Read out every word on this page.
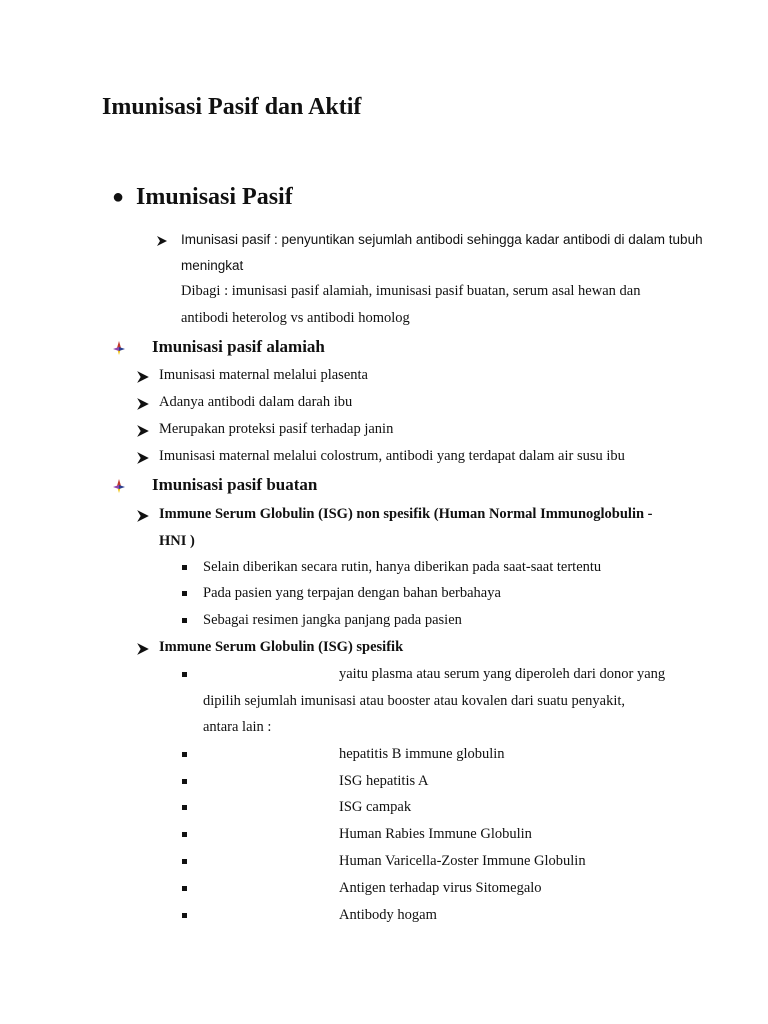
Imunisasi Pasif dan Aktif
● Imunisasi Pasif
Imunisasi pasif : penyuntikan sejumlah antibodi sehingga kadar antibodi di dalam tubuh
meningkat
Dibagi : imunisasi pasif alamiah, imunisasi pasif buatan, serum asal hewan dan
antibodi heterolog vs antibodi homolog
Imunisasi pasif alamiah
Imunisasi maternal melalui plasenta
Adanya antibodi dalam darah ibu
Merupakan proteksi pasif terhadap janin
Imunisasi maternal melalui colostrum, antibodi yang terdapat dalam air susu ibu
Imunisasi pasif buatan
Immune Serum Globulin (ISG) non spesifik (Human Normal Immunoglobulin -
HNI )
Selain diberikan secara rutin, hanya diberikan pada saat-saat tertentu
Pada pasien yang terpajan dengan bahan berbahaya
Sebagai resimen jangka panjang pada pasien
Immune Serum Globulin (ISG) spesifik
yaitu plasma atau serum yang diperoleh dari donor yang
dipilih sejumlah imunisasi atau booster atau kovalen dari suatu penyakit,
antara lain :
hepatitis B immune globulin
ISG hepatitis A
ISG campak
Human Rabies Immune Globulin
Human Varicella-Zoster Immune Globulin
Antigen terhadap virus Sitomegalo
Antibody hogam
